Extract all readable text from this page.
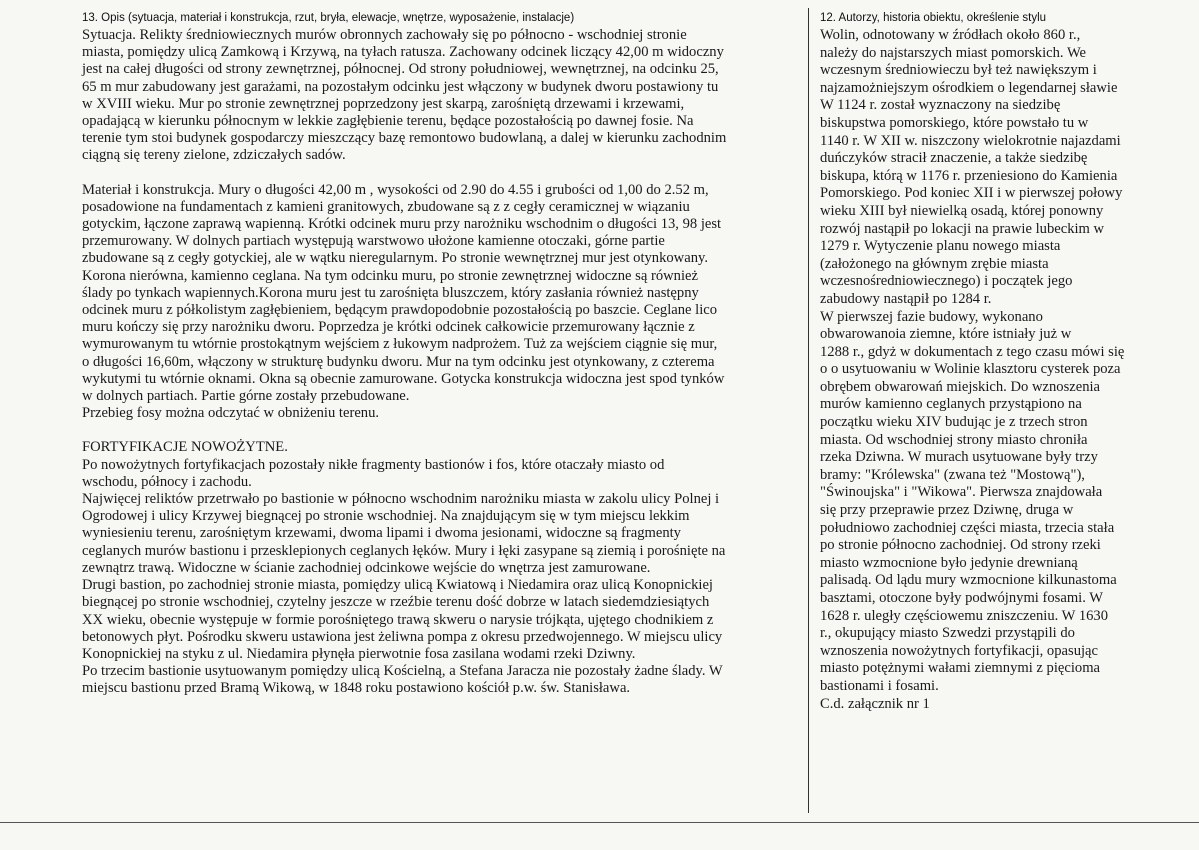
13. Opis (sytuacja, materiał i konstrukcja, rzut, bryła, elewacje, wnętrze, wyposażenie, instalacje)

Sytuacja. Relikty średniowiecznych murów obronnych zachowały się po północno - wschodniej stronie

miasta, pomiędzy ulicą Zamkową i Krzywą, na tyłach ratusza. Zachowany odcinek liczący 42,00 m widoczny

jest na całej długości od strony zewnętrznej, północnej. Od strony południowej, wewnętrznej, na odcinku 25,

65 m mur zabudowany jest garażami, na pozostałym odcinku jest włączony w budynek dworu postawiony tu

w XVIII wieku. Mur po stronie zewnętrznej poprzedzony jest skarpą, zarośniętą drzewami i krzewami,

opadającą w kierunku północnym w lekkie zagłębienie terenu, będące pozostałością po dawnej fosie. Na

terenie tym stoi budynek gospodarczy mieszczący bazę remontowo budowlaną, a dalej w kierunku zachodnim

ciągną się tereny zielone, zdziczałych sadów.

Materiał i konstrukcja. Mury o długości 42,00 m , wysokości od 2.90 do 4.55 i grubości od 1,00 do 2.52 m,

posadowione na fundamentach z kamieni granitowych, zbudowane są z z cegły ceramicznej w wiązaniu

gotyckim, łączone zaprawą wapienną. Krótki odcinek muru przy narożniku wschodnim o długości 13, 98 jest

przemurowany. W dolnych partiach występują warstwowo ułożone kamienne otoczaki, górne partie

zbudowane są z cegły gotyckiej, ale w wątku nieregularnym. Po stronie wewnętrznej mur jest otynkowany.

Korona nierówna, kamienno ceglana. Na tym odcinku muru, po stronie zewnętrznej widoczne są również

ślady po tynkach wapiennych.Korona muru jest tu zarośnięta bluszczem, który zasłania również następny

odcinek muru z półkolistym zagłębieniem, będącym prawdopodobnie pozostałością po baszcie. Ceglane lico

muru kończy się przy narożniku dworu. Poprzedza je krótki odcinek całkowicie przemurowany łącznie z

wymurowanym tu wtórnie prostokątnym wejściem z łukowym nadprożem. Tuż za wejściem ciągnie się mur,

o długości 16,60m, włączony w strukturę budynku dworu. Mur na tym odcinku jest otynkowany, z czterema

wykutymi tu wtórnie oknami. Okna są obecnie zamurowane. Gotycka konstrukcja widoczna jest spod tynków

w dolnych partiach. Partie górne zostały przebudowane.

Przebieg fosy można odczytać w obniżeniu terenu.

FORTYFIKACJE NOWOŻYTNE.

Po nowożytnych fortyfikacjach pozostały nikłe fragmenty bastionów i fos, które otaczały miasto od

wschodu, północy i zachodu.

Najwięcej reliktów przetrwało po bastionie w północno wschodnim narożniku miasta w zakolu ulicy Polnej i

Ogrodowej i ulicy Krzywej biegnącej po stronie wschodniej. Na znajdującym się w tym miejscu lekkim

wyniesieniu terenu, zarośniętym krzewami, dwoma lipami i dwoma jesionami, widoczne są fragmenty

ceglanych murów bastionu i przesklepionych ceglanych łęków. Mury i łęki zasypane są ziemią i porośnięte na

zewnątrz trawą. Widoczne w ścianie zachodniej odcinkowe wejście do wnętrza jest zamurowane.

Drugi bastion, po zachodniej stronie miasta, pomiędzy ulicą Kwiatową i Niedamira oraz ulicą Konopnickiej

biegnącej po stronie wschodniej, czytelny jeszcze w rzeźbie terenu dość dobrze w latach siedemdziesiątych

XX wieku, obecnie występuje w formie porośniętego trawą skweru o narysie trójkąta, ujętego chodnikiem z

betonowych płyt. Pośrodku skweru ustawiona jest żeliwna pompa z okresu przedwojennego. W miejscu ulicy

Konopnickiej na styku z ul. Niedamira płynęła pierwotnie fosa zasilana wodami rzeki Dziwny.

Po trzecim bastionie usytuowanym pomiędzy ulicą Kościelną, a Stefana Jaracza nie pozostały żadne ślady. W

miejscu bastionu przed Bramą Wikową, w 1848 roku postawiono kościół p.w. św. Stanisława.

12. Autorzy, historia obiektu, określenie stylu

Wolin, odnotowany w źródłach około 860 r.,

należy do najstarszych miast pomorskich. We

wczesnym średniowieczu był też nawiększym i

najzamożniejszym ośrodkiem o legendarnej sławie

W 1124 r. został wyznaczony na siedzibę

biskupstwa pomorskiego, które powstało tu w

1140 r. W XII w. niszczony wielokrotnie najazdami

duńczyków stracił znaczenie, a także siedzibę

biskupa, którą w 1176 r. przeniesiono do Kamienia

Pomorskiego. Pod koniec XII i w pierwszej połowy

wieku XIII był niewielką osadą, której ponowny

rozwój nastąpił po lokacji na prawie lubeckim w

1279 r. Wytyczenie planu nowego miasta

(założonego na głównym zrębie miasta

wczesnośredniowiecznego) i początek jego

zabudowy nastąpił po 1284 r.

W pierwszej fazie budowy, wykonano

obwarowanoia ziemne, które istniały już w

1288 r., gdyż w dokumentach z tego czasu mówi się

o o usytuowaniu w Wolinie klasztoru cysterek poza

obrębem obwarowań miejskich. Do wznoszenia

murów kamienno ceglanych przystąpiono na

początku wieku XIV budując je z trzech stron

miasta. Od wschodniej strony miasto chroniła

rzeka Dziwna. W murach usytuowane były trzy

bramy: "Królewska" (zwana też "Mostową"),

"Świnoujska" i "Wikowa". Pierwsza znajdowała

się przy przeprawie przez Dziwnę, druga w

południowo zachodniej części miasta, trzecia stała

po stronie północno zachodniej. Od strony rzeki

miasto wzmocnione było jedynie drewnianą

palisadą. Od lądu mury wzmocnione kilkunastoma

basztami, otoczone były podwójnymi fosami. W

1628 r. uległy częściowemu zniszczeniu. W 1630

r., okupujący miasto Szwedzi przystąpili do

wznoszenia nowożytnych fortyfikacji, opasując

miasto potężnymi wałami ziemnymi z pięcioma

bastionami i fosami.

C.d. załącznik nr 1
